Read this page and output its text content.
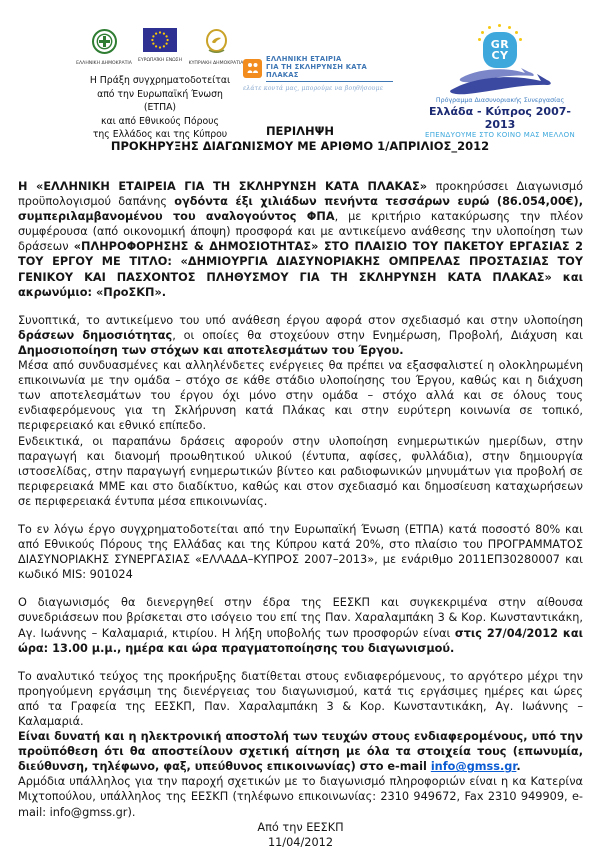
ΕΛΛΗΝΙΚΗ ΔΗΜΟΚΡΑΤΙΑ
ΕΥΡΩΠΑΪΚΗ ΕΝΩΣΗ
ΚΥΠΡΙΑΚΗ ΔΗΜΟΚΡΑΤΙΑ
Η Πράξη συγχρηματοδοτείται
από την Ευρωπαϊκή Ένωση (ΕΤΠΑ)
και από Εθνικούς Πόρους
της Ελλάδος και της Κύπρου
ΕΛΛΗΝΙΚΗ ΕΤΑΙΡΙΑ
ΓΙΑ ΤΗ ΣΚΛΗΡΥΝΣΗ ΚΑΤΑ ΠΛΑΚΑΣ
ελάτε κοντά μας, μπορούμε να βοηθήσουμε
GR
CY
Πρόγραμμα Διασυνοριακής Συνεργασίας
Ελλάδα - Κύπρος 2007-2013
ΕΠΕΝΔΥΟΥΜΕ ΣΤΟ ΚΟΙΝΟ ΜΑΣ ΜΕΛΛΟΝ
ΠΕΡΙΛΗΨΗ
ΠΡΟΚΗΡΥΞΗΣ ΔΙΑΓΩΝΙΣΜΟΥ ΜΕ ΑΡΙΘΜΟ 1/ΑΠΡΙΛΙΟΣ_2012

Η «ΕΛΛΗΝΙΚΗ ΕΤΑΙΡΕΙΑ ΓΙΑ ΤΗ ΣΚΛΗΡΥΝΣΗ ΚΑΤΑ ΠΛΑΚΑΣ» προκηρύσσει Διαγωνισμό προϋπολογισμού δαπάνης ογδόντα έξι χιλιάδων πενήντα τεσσάρων ευρώ (86.054,00€), συμπεριλαμβανομένου του αναλογούντος ΦΠΑ, με κριτήριο κατακύρωσης την πλέον συμφέρουσα (από οικονομική άποψη) προσφορά και με αντικείμενο ανάθεσης την υλοποίηση των δράσεων «ΠΛΗΡΟΦΟΡΗΣΗΣ & ΔΗΜΟΣΙΟΤΗΤΑΣ» ΣΤΟ ΠΛΑΙΣΙΟ ΤΟΥ ΠΑΚΕΤΟΥ ΕΡΓΑΣΙΑΣ 2 ΤΟΥ ΕΡΓΟΥ ΜΕ ΤΙΤΛΟ: «ΔΗΜΙΟΥΡΓΙΑ ΔΙΑΣΥΝΟΡΙΑΚΗΣ ΟΜΠΡΕΛΑΣ ΠΡΟΣΤΑΣΙΑΣ ΤΟΥ ΓΕΝΙΚΟΥ ΚΑΙ ΠΑΣΧΟΝΤΟΣ ΠΛΗΘΥΣΜΟΥ ΓΙΑ ΤΗ ΣΚΛΗΡΥΝΣΗ ΚΑΤΑ ΠΛΑΚΑΣ» και ακρωνύμιο: «ΠροΣΚΠ».

Συνοπτικά, το αντικείμενο του υπό ανάθεση έργου αφορά στον σχεδιασμό και στην υλοποίηση δράσεων δημοσιότητας, οι οποίες θα στοχεύουν στην Ενημέρωση, Προβολή, Διάχυση και Δημοσιοποίηση των στόχων και αποτελεσμάτων του Έργου.

Μέσα από συνδυασμένες και αλληλένδετες ενέργειες θα πρέπει να εξασφαλιστεί η ολοκληρωμένη επικοινωνία με την ομάδα – στόχο σε κάθε στάδιο υλοποίησης του Έργου, καθώς και η διάχυση των αποτελεσμάτων του έργου όχι μόνο στην ομάδα – στόχο αλλά και σε όλους τους ενδιαφερόμενους για τη Σκλήρυνση κατά Πλάκας και στην ευρύτερη κοινωνία σε τοπικό, περιφερειακό και εθνικό επίπεδο.

Ενδεικτικά, οι παραπάνω δράσεις αφορούν στην υλοποίηση ενημερωτικών ημερίδων, στην παραγωγή και διανομή προωθητικού υλικού (έντυπα, αφίσες, φυλλάδια), στην δημιουργία ιστοσελίδας, στην παραγωγή ενημερωτικών βίντεο και ραδιοφωνικών μηνυμάτων για προβολή σε περιφερειακά ΜΜΕ και στο διαδίκτυο, καθώς και στον σχεδιασμό και δημοσίευση καταχωρήσεων σε περιφερειακά έντυπα μέσα επικοινωνίας.

Το εν λόγω έργο συγχρηματοδοτείται από την Ευρωπαϊκή Ένωση (ΕΤΠΑ) κατά ποσοστό 80% και από Εθνικούς Πόρους της Ελλάδας και της Κύπρου κατά 20%, στο πλαίσιο του ΠΡΟΓΡΑΜΜΑΤΟΣ ΔΙΑΣΥΝΟΡΙΑΚΗΣ ΣΥΝΕΡΓΑΣΙΑΣ «ΕΛΛΑΔΑ–ΚΥΠΡΟΣ 2007–2013», με ενάριθμο 2011ΕΠ30280007 και κωδικό MIS: 901024

Ο διαγωνισμός θα διενεργηθεί στην έδρα της ΕΕΣΚΠ και συγκεκριμένα στην αίθουσα συνεδριάσεων που βρίσκεται στο ισόγειο του επί της Παν. Χαραλαμπάκη 3 & Κορ. Κωνσταντικάκη, Αγ. Ιωάννης – Καλαμαριά, κτιρίου. Η λήξη υποβολής των προσφορών είναι στις 27/04/2012 και ώρα: 13.00 μ.μ., ημέρα και ώρα πραγματοποίησης του διαγωνισμού.

Το αναλυτικό τεύχος της προκήρυξης διατίθεται στους ενδιαφερόμενους, το αργότερο μέχρι την προηγούμενη εργάσιμη της διενέργειας του διαγωνισμού, κατά τις εργάσιμες ημέρες και ώρες από τα Γραφεία της ΕΕΣΚΠ, Παν. Χαραλαμπάκη 3 & Κορ. Κωνσταντικάκη, Αγ. Ιωάννης – Καλαμαριά.

Είναι δυνατή και η ηλεκτρονική αποστολή των τευχών στους ενδιαφερομένους, υπό την προϋπόθεση ότι θα αποστείλουν σχετική αίτηση με όλα τα στοιχεία τους (επωνυμία, διεύθυνση, τηλέφωνο, φαξ, υπεύθυνος επικοινωνίας) στο e-mail info@gmss.gr.

Αρμόδια υπάλληλος για την παροχή σχετικών με το διαγωνισμό πληροφοριών είναι η κα Κατερίνα Μιχτοπούλου, υπάλληλος της ΕΕΣΚΠ (τηλέφωνο επικοινωνίας: 2310 949672, Fax 2310 949909, e-mail: info@gmss.gr).

Από την ΕΕΣΚΠ

11/04/2012
